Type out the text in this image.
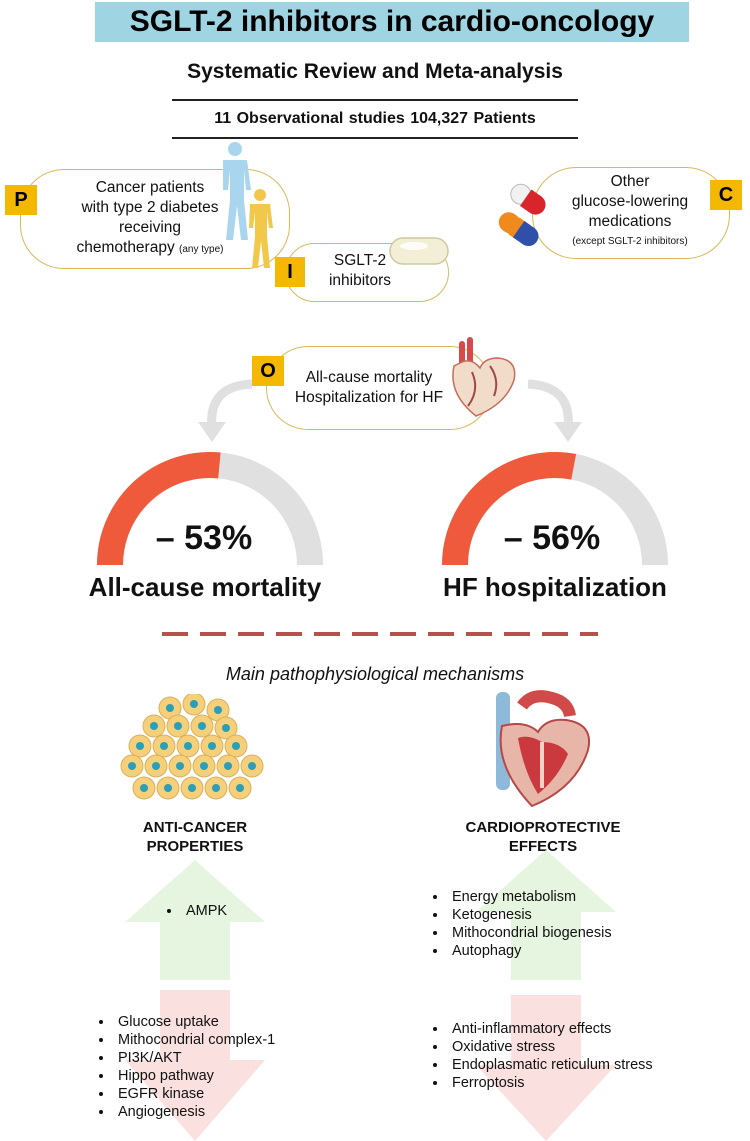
SGLT-2 inhibitors in cardio-oncology
Systematic Review and Meta-analysis
11 Observational studies 104,327 Patients
Cancer patients
with type 2 diabetes
receiving
chemotherapy (any type)
P
SGLT-2
inhibitors
I
Other
glucose-lowering
medications
(except SGLT-2 inhibitors)
C
All-cause mortality
Hospitalization for HF
O
– 53%	– 56%
All-cause mortality	HF hospitalization
Main pathophysiological mechanisms
ANTI-CANCER
PROPERTIES
CARDIOPROTECTIVE
EFFECTS
• AMPK
• Glucose uptake
• Mithocondrial complex-1
• PI3K/AKT
• Hippo pathway
• EGFR kinase
• Angiogenesis
• Energy metabolism
• Ketogenesis
• Mithocondrial biogenesis
• Autophagy
• Anti-inflammatory effects
• Oxidative stress
• Endoplasmatic reticulum stress
• Ferroptosis
